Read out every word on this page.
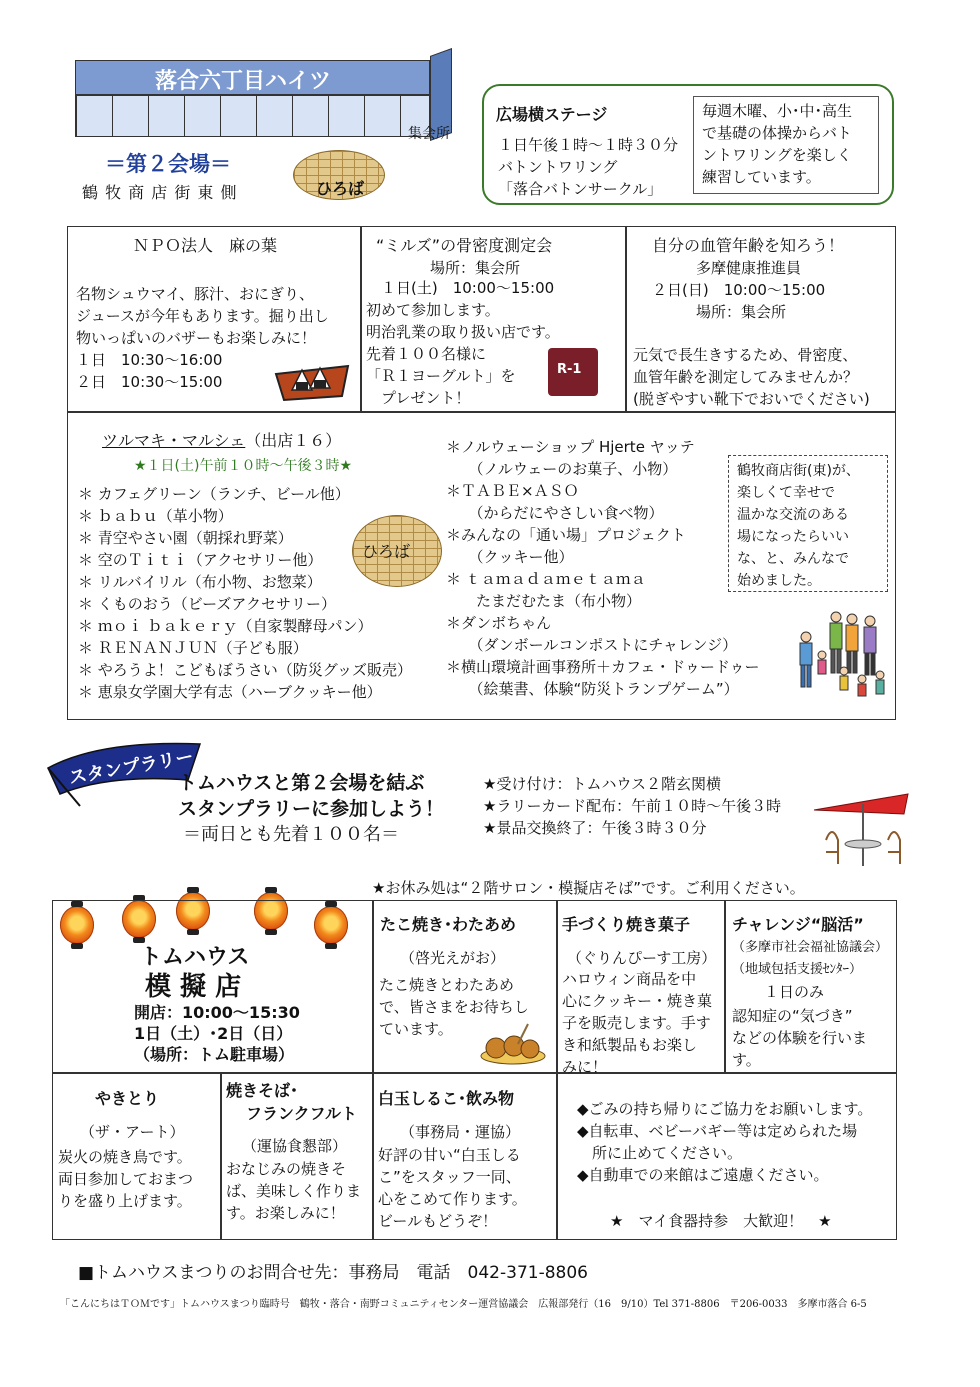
落合六丁目ハイツ
集会所
＝第２会場＝
鶴 牧 商 店 街 東 側	ひろば
広場横ステージ
１日午後１時～１時３０分
バトントワリング
「落合バトンサークル」
毎週木曜、小･中･高生
で基礎の体操からバト
ントワリングを楽しく
練習しています。
ＮＰＯ法人　麻の葉
名物シュウマイ、豚汁、おにぎり、
ジュースが今年もあります。掘り出し
物いっぱいのバザーもお楽しみに！
１日　10:30～16:00
２日　10:30～15:00
“ミルズ”の骨密度測定会
場所：集会所
　１日(土)　10:00～15:00
初めて参加します。
明治乳業の取り扱い店です。
先着１００名様に
「Ｒ１ヨーグルト」を
　プレゼント！
R-1
自分の血管年齢を知ろう！
多摩健康推進員
２日(日)　10:00～15:00
場所：集会所
元気で長生きするため、骨密度、
血管年齢を測定してみませんか？
(脱ぎやすい靴下でおいでください)
ツルマキ・マルシェ（出店１６）
★１日(土)午前１０時～午後３時★
＊ カフェグリーン（ランチ、ビール他）
＊ ｂａｂｕ（革小物）
＊ 青空やさい園（朝採れ野菜）
＊ 空のＴｉｔｉ（アクセサリー他）
＊ リルバイリル（布小物、お惣菜）
＊ くものおう（ビーズアクセサリー）
＊ ｍｏｉ ｂａｋｅｒｙ（自家製酵母パン）
＊ ＲＥＮＡＮＪＵＮ（子ども服）
＊ やろうよ！こどもぼうさい（防災グッズ販売）
＊ 恵泉女学園大学有志（ハーブクッキー他）
ひろば
＊ノルウェーショップ Hjerte ヤッテ
　　（ノルウェーのお菓子、小物）
＊ＴＡＢＥ×ＡＳＯ
　　（からだにやさしい食べ物）
＊みんなの「通い場」プロジェクト
　　（クッキー他）
＊ ｔａｍａｄａｍｅｔａｍａ
　　たまだむたま（布小物）
＊ダンボちゃん
　　（ダンボールコンポストにチャレンジ）
＊横山環境計画事務所＋カフェ・ドゥードゥー
　　（絵葉書、体験“防災トランプゲーム”）
鶴牧商店街(東)が、
楽しくて幸せで
温かな交流のある
場になったらいい
な、と、みんなで
始めました。
スタンプラリー
トムハウスと第２会場を結ぶ
スタンプラリーに参加しよう！
＝両日とも先着１００名＝
★受け付け：トムハウス２階玄関横
★ラリーカード配布：午前１０時～午後３時
★景品交換終了：午後３時３０分
★お休み処は“２階サロン・模擬店そば”です。ご利用ください。
トムハウス
模 擬 店
開店：10:00～15:30
1日（土）･2日（日）
（場所：トム駐車場）
たこ焼き･わたあめ
（啓光えがお）
たこ焼きとわたあめ
で、皆さまをお待ちし
ています。
手づくり焼き菓子
（ぐりんぴーす工房）
ハロウィン商品を中
心にクッキー・焼き菓
子を販売します。手す
き和紙製品もお楽し
みに！
チャレンジ“脳活”
（多摩市社会福祉協議会）
（地域包括支援ｾﾝﾀｰ）
１日のみ
認知症の“気づき”
などの体験を行いま
す。
やきとり
（ザ・アート）
炭火の焼き鳥です。
両日参加しておまつ
りを盛り上げます。
焼きそば･
フランクフルト
（運協食懇部）
おなじみの焼きそ
ば、美味しく作りま
す。お楽しみに！
白玉しるこ･飲み物
（事務局・運協）
好評の甘い“白玉しる
こ”をスタッフ一同、
心をこめて作ります。
ビールもどうぞ！
◆ごみの持ち帰りにご協力をお願いします。
◆自転車、ベビーバギー等は定められた場
　所に止めてください。
◆自動車での来館はご遠慮ください。
★　マイ食器持参　大歓迎！　★
■トムハウスまつりのお問合せ先：事務局　電話　042-371-8806
「こんにちはＴＯＭです」トムハウスまつり臨時号　鶴牧・落合・南野コミュニティセンター運営協議会　広報部発行（16　9/10）Tel 371-8806　〒206-0033　多摩市落合 6-5
